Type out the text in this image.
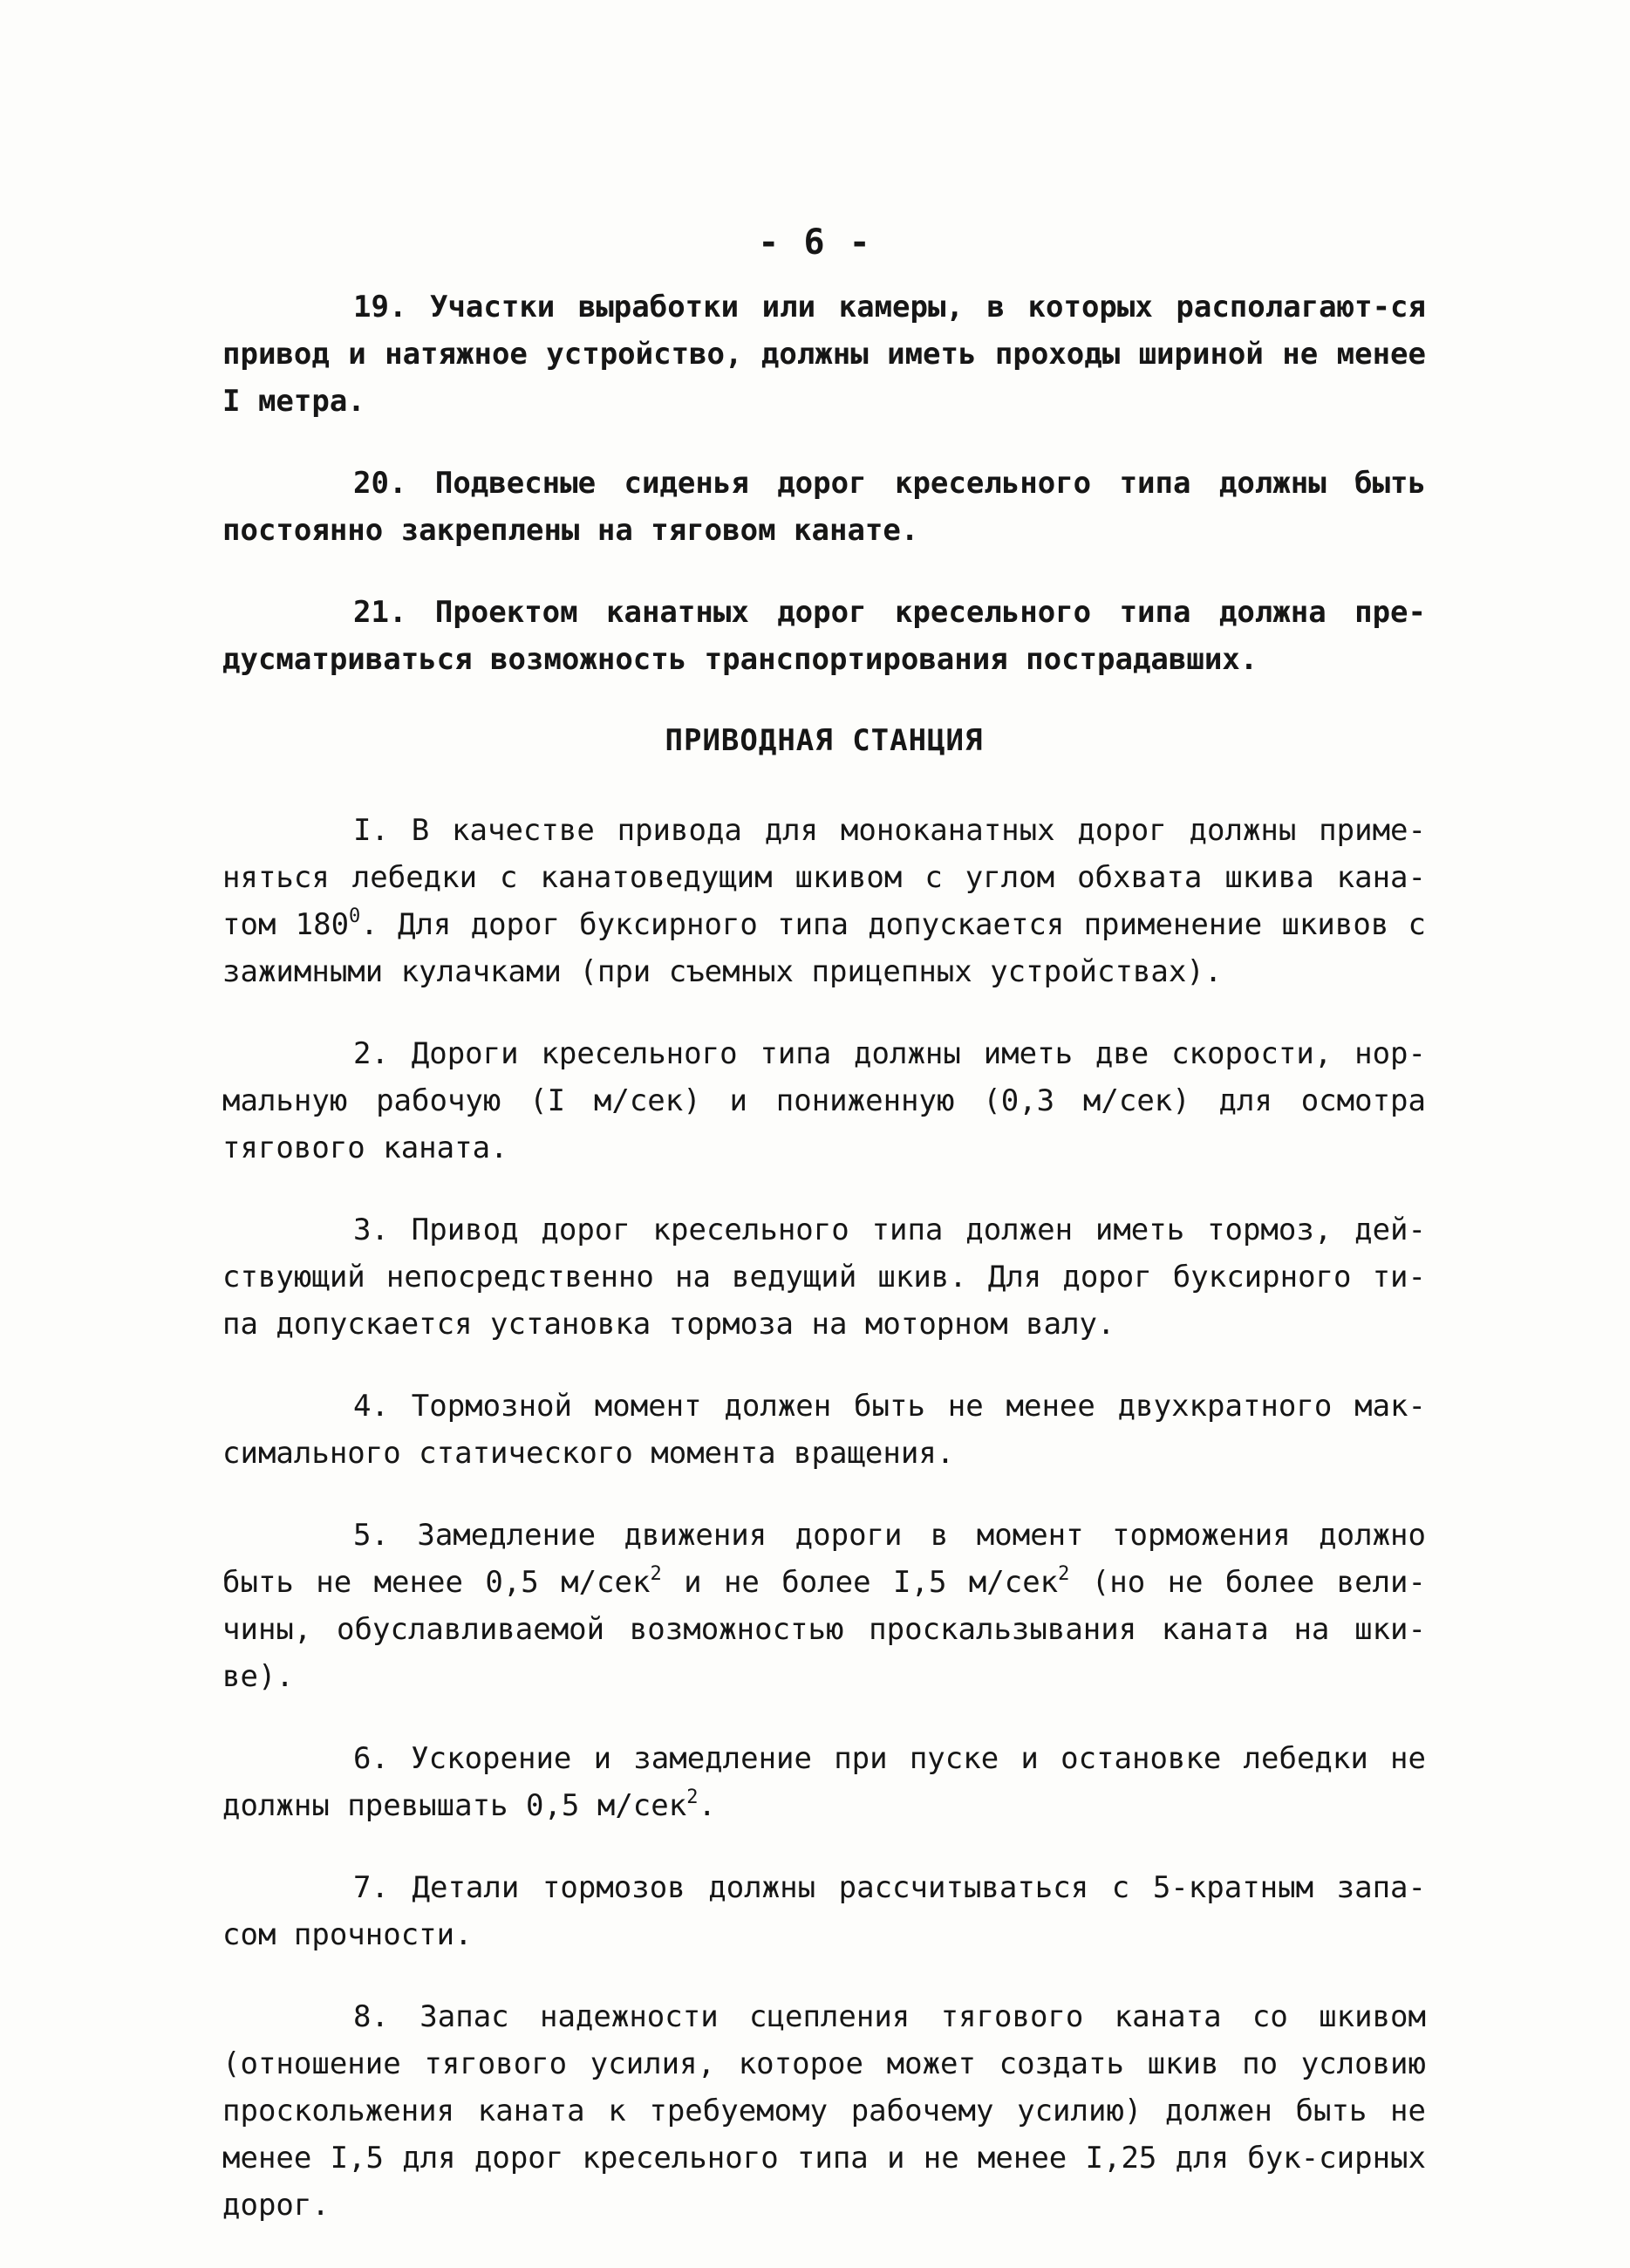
- 6 -

19. Участки выработки или камеры, в которых располагают-ся привод и натяжное устройство, должны иметь проходы шириной не менее I метра.

20. Подвесные сиденья дорог кресельного типа должны быть постоянно закреплены на тяговом канате.

21. Проектом канатных дорог кресельного типа должна пре-дусматриваться возможность транспортирования пострадавших.

ПРИВОДНАЯ СТАНЦИЯ

I. В качестве привода для моноканатных дорог должны приме-няться лебедки с канатоведущим шкивом с углом обхвата шкива кана-том $180^0$. Для дорог буксирного типа допускается применение шкивов с зажимными кулачками (при съемных прицепных устройствах).

2. Дороги кресельного типа должны иметь две скорости, нор-мальную рабочую (I м/сек) и пониженную (0,3 м/сек) для осмотра тягового каната.

3. Привод дорог кресельного типа должен иметь тормоз, дей-ствующий непосредственно на ведущий шкив. Для дорог буксирного ти-па допускается установка тормоза на моторном валу.

4. Тормозной момент должен быть не менее двухкратного мак-симального статического момента вращения.

5. Замедление движения дороги в момент торможения должно быть не менее 0,5 м/сек$^2$ и не более I,5 м/сек$^2$ (но не более вели-чины, обуславливаемой возможностью проскальзывания каната на шки-ве).

6. Ускорение и замедление при пуске и остановке лебедки не должны превышать 0,5 м/сек$^2$.

7. Детали тормозов должны рассчитываться с 5-кратным запа-сом прочности.

8. Запас надежности сцепления тягового каната со шкивом (отношение тягового усилия, которое может создать шкив по условию проскольжения каната к требуемому рабочему усилию) должен быть не менее I,5 для дорог кресельного типа и не менее I,25 для бук-сирных дорог.
